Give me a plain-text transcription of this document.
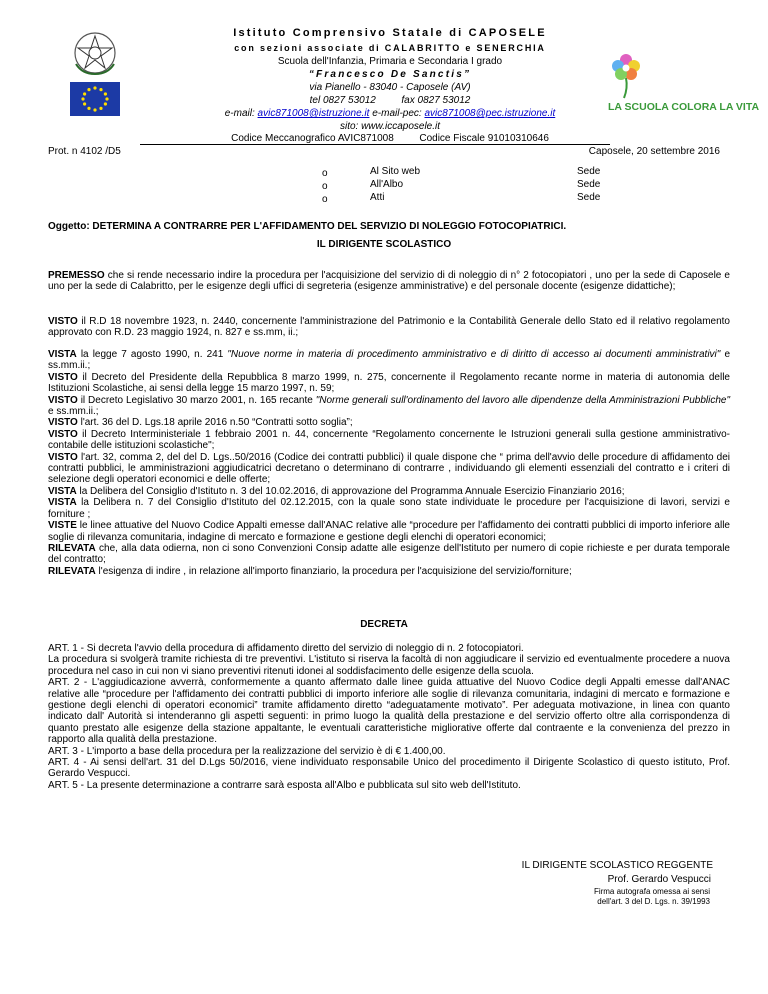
Istituto Comprensivo Statale di CAPOSELE
con sezioni associate di CALABRITTO e SENERCHIA
Scuola dell'Infanzia, Primaria e Secondaria I grado
“Francesco De Sanctis”
via Pianello - 83040 - Caposele (AV)
tel 0827 53012	fax 0827 53012
e-mail: avic871008@istruzione.it e-mail-pec: avic871008@pec.istruzione.it
sito: www.iccaposele.it
Codice Meccanografico AVIC871008	Codice Fiscale 91010310646
LA SCUOLA COLORA LA VITA
Prot. n 4102 /D5	Caposele, 20 settembre 2016
o	Al Sito web	Sede
o	All'Albo	Sede
o	Atti	Sede
Oggetto: DETERMINA A CONTRARRE PER L'AFFIDAMENTO DEL SERVIZIO DI NOLEGGIO FOTOCOPIATRICI.
IL DIRIGENTE SCOLASTICO
PREMESSO che si rende necessario indire la procedura per l'acquisizione del servizio di di noleggio di n° 2 fotocopiatori , uno per la sede di Caposele e uno per la sede di Calabritto, per le esigenze degli uffici di segreteria (esigenze amministrative) e del personale docente (esigenze didattiche);
VISTO il R.D 18 novembre 1923, n. 2440, concernente l'amministrazione del Patrimonio e la Contabilità Generale dello Stato ed il relativo regolamento approvato con R.D. 23 maggio 1924, n. 827 e ss.mm, ii.;
VISTA la legge 7 agosto 1990, n. 241 "Nuove norme in materia di procedimento amministrativo e di diritto di accesso ai documenti amministrativi" e ss.mm.ii.;
VISTO il Decreto del Presidente della Repubblica 8 marzo 1999, n. 275, concernente il Regolamento recante norme in materia di autonomia delle Istituzioni Scolastiche, ai sensi della legge 15 marzo 1997, n. 59;
VISTO il Decreto Legislativo 30 marzo 2001, n. 165 recante "Norme generali sull'ordinamento del lavoro alle dipendenze della Amministrazioni Pubbliche" e ss.mm.ii.;
VISTO l'art. 36 del D. Lgs.18 aprile 2016 n.50 “Contratti sotto soglia”;
VISTO il Decreto Interministeriale 1 febbraio 2001 n. 44, concernente “Regolamento concernente le Istruzioni generali sulla gestione amministrativo-contabile delle istituzioni scolastiche";
VISTO l'art. 32, comma 2, del del D. Lgs..50/2016 (Codice dei contratti pubblici) il quale dispone che “ prima dell'avvio delle procedure di affidamento dei contratti pubblici, le amministrazioni aggiudicatrici decretano o determinano di contrarre , individuando gli elementi essenziali del contratto e i criteri di selezione degli operatori economici e delle offerte;
VISTA la Delibera del Consiglio d'Istituto n. 3 del 10.02.2016, di approvazione del Programma Annuale Esercizio Finanziario 2016;
VISTA la Delibera n. 7 del Consiglio d'Istituto del 02.12.2015, con la quale sono state individuate le procedure per l'acquisizione di lavori, servizi e forniture ;
VISTE le linee attuative del Nuovo Codice Appalti emesse dall'ANAC relative alle “procedure per l'affidamento dei contratti pubblici di importo inferiore alle soglie di rilevanza comunitaria, indagine di mercato e formazione e gestione degli elenchi di operatori economici;
RILEVATA che, alla data odierna, non ci sono Convenzioni Consip adatte alle esigenze dell'Istituto per numero di copie richieste e per durata temporale del contratto;
RILEVATA l'esigenza di indire , in relazione all'importo finanziario, la procedura per l'acquisizione del servizio/forniture;
DECRETA
ART. 1 - Si decreta l'avvio della procedura di affidamento diretto del servizio di noleggio di n. 2 fotocopiatori.
La procedura si svolgerà tramite richiesta di tre preventivi. L'istituto si riserva la facoltà di non aggiudicare il servizio ed eventualmente procedere a nuova procedura nel caso in cui non vi siano preventivi ritenuti idonei al soddisfacimento delle esigenze della scuola.
ART. 2 - L'aggiudicazione avverrà, conformemente a quanto affermato dalle linee guida attuative del Nuovo Codice degli Appalti emesse dall'ANAC relative alle “procedure per l'affidamento dei contratti pubblici di importo inferiore alle soglie di rilevanza comunitaria, indagini di mercato e formazione e gestione degli elenchi di operatori economici” tramite affidamento diretto “adeguatamente motivato”. Per adeguata motivazione, in linea con quanto indicato dall' Autorità si intenderanno gli aspetti seguenti: in primo luogo la qualità della prestazione e del servizio offerto oltre alla corrispondenza di quanto prestato alle esigenze della stazione appaltante, le eventuali caratteristiche migliorative offerte dal contraente e la convenienza del prezzo in rapporto alla qualità della prestazione.
ART. 3 - L'importo a base della procedura per la realizzazione del servizio è di € 1.400,00.
ART. 4 - Ai sensi dell'art. 31 del D.Lgs 50/2016, viene individuato responsabile Unico del procedimento il Dirigente Scolastico di questo istituto, Prof. Gerardo Vespucci.
ART. 5 - La presente determinazione a contrarre sarà esposta all'Albo e pubblicata sul sito web dell'Istituto.
IL DIRIGENTE SCOLASTICO REGGENTE
Prof. Gerardo Vespucci
Firma autografa omessa ai sensi
dell'art. 3 del D. Lgs. n. 39/1993
